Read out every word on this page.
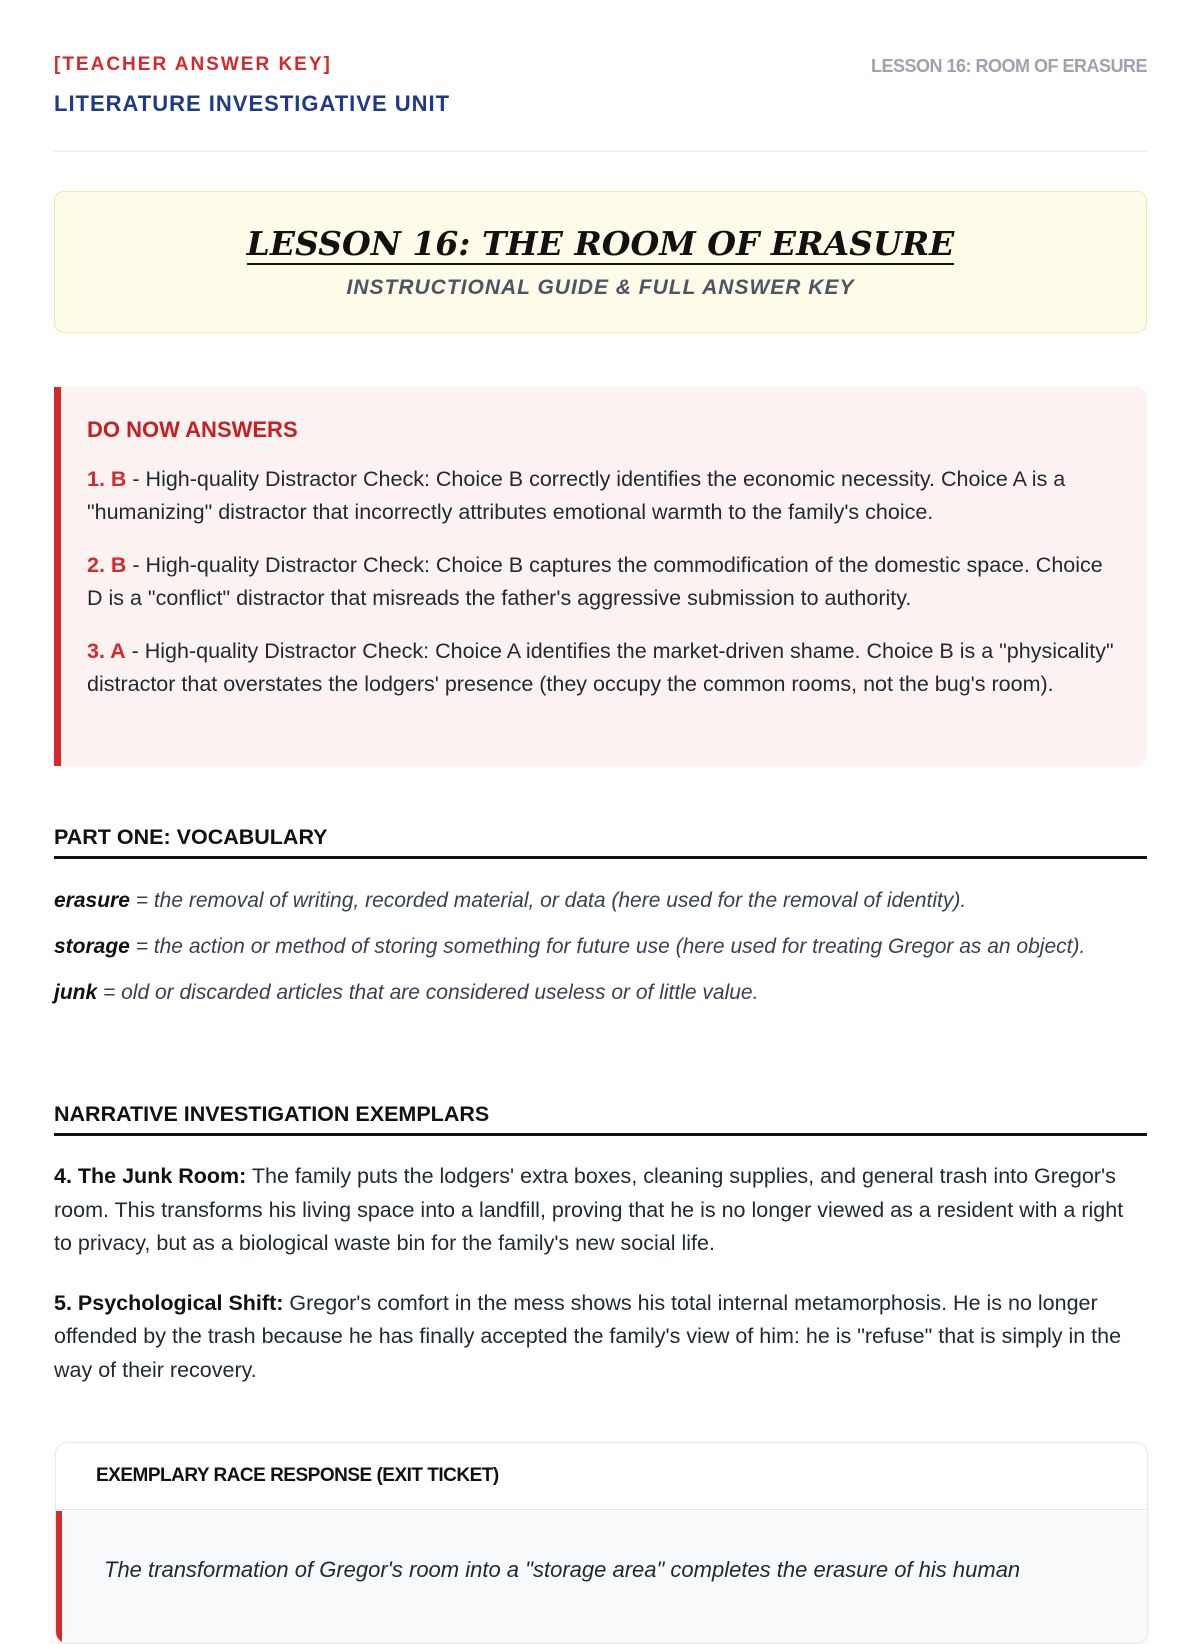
[TEACHER ANSWER KEY]
LITERATURE INVESTIGATIVE UNIT
LESSON 16: ROOM OF ERASURE
LESSON 16: THE ROOM OF ERASURE
INSTRUCTIONAL GUIDE & FULL ANSWER KEY
DO NOW ANSWERS
1. B - High-quality Distractor Check: Choice B correctly identifies the economic necessity. Choice A is a "humanizing" distractor that incorrectly attributes emotional warmth to the family's choice.
2. B - High-quality Distractor Check: Choice B captures the commodification of the domestic space. Choice D is a "conflict" distractor that misreads the father's aggressive submission to authority.
3. A - High-quality Distractor Check: Choice A identifies the market-driven shame. Choice B is a "physicality" distractor that overstates the lodgers' presence (they occupy the common rooms, not the bug's room).
PART ONE: VOCABULARY
erasure = the removal of writing, recorded material, or data (here used for the removal of identity).
storage = the action or method of storing something for future use (here used for treating Gregor as an object).
junk = old or discarded articles that are considered useless or of little value.
NARRATIVE INVESTIGATION EXEMPLARS
4. The Junk Room: The family puts the lodgers' extra boxes, cleaning supplies, and general trash into Gregor's room. This transforms his living space into a landfill, proving that he is no longer viewed as a resident with a right to privacy, but as a biological waste bin for the family's new social life.
5. Psychological Shift: Gregor's comfort in the mess shows his total internal metamorphosis. He is no longer offended by the trash because he has finally accepted the family's view of him: he is "refuse" that is simply in the way of their recovery.
EXEMPLARY RACE RESPONSE (EXIT TICKET)
The transformation of Gregor's room into a "storage area" completes the erasure of his human
